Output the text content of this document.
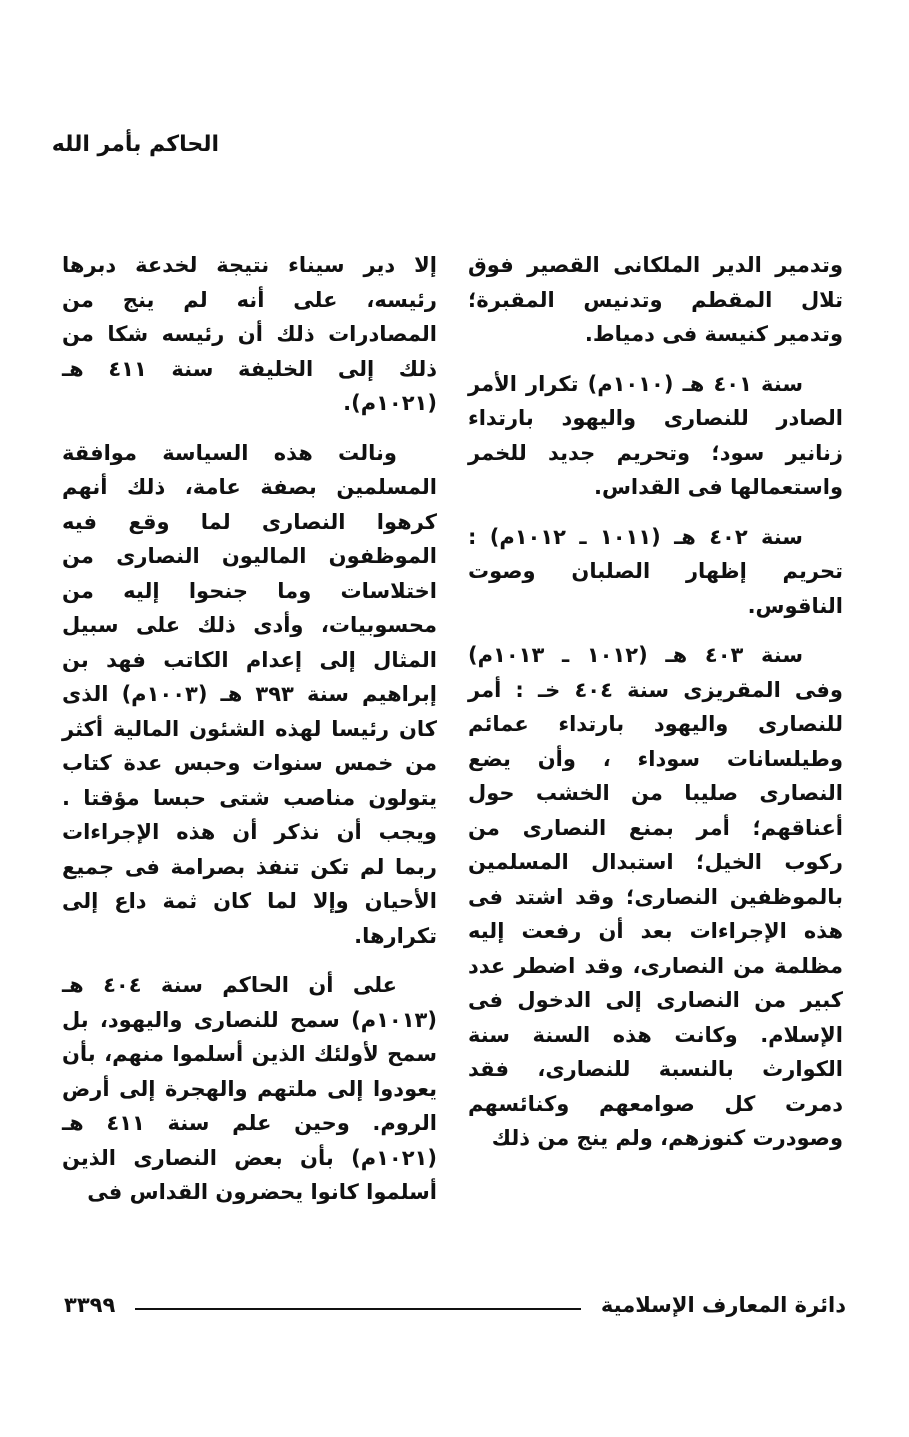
الحاكم بأمر الله

وتدمير الدير الملكانى القصير فوق تلال المقطم وتدنيس المقبرة؛ وتدمير كنيسة فى دمياط.

سنة ٤٠١ هـ (١٠١٠م) تكرار الأمر الصادر للنصارى واليهود بارتداء زنانير سود؛ وتحريم جديد للخمر واستعمالها فى القداس.

سنة ٤٠٢ هـ (١٠١١ ـ ١٠١٢م) : تحريم إظهار الصلبان وصوت الناقوس.

سنة ٤٠٣ هـ (١٠١٢ ـ ١٠١٣م) وفى المقريزى سنة ٤٠٤ خـ : أمر للنصارى واليهود بارتداء عمائم وطيلسانات سوداء ، وأن يضع النصارى صليبا من الخشب حول أعناقهم؛ أمر بمنع النصارى من ركوب الخيل؛ استبدال المسلمين بالموظفين النصارى؛ وقد اشتد فى هذه الإجراءات بعد أن رفعت إليه مظلمة من النصارى، وقد اضطر عدد كبير من النصارى إلى الدخول فى الإسلام. وكانت هذه السنة سنة الكوارث بالنسبة للنصارى، فقد دمرت كل صوامعهم وكنائسهم وصودرت كنوزهم، ولم ينج من ذلك

إلا دير سيناء نتيجة لخدعة دبرها رئيسه، على أنه لم ينج من المصادرات ذلك أن رئيسه شكا من ذلك إلى الخليفة سنة ٤١١ هـ (١٠٢١م).

ونالت هذه السياسة موافقة المسلمين بصفة عامة، ذلك أنهم كرهوا النصارى لما وقع فيه الموظفون الماليون النصارى من اختلاسات وما جنحوا إليه من محسوبيات، وأدى ذلك على سبيل المثال إلى إعدام الكاتب فهد بن إبراهيم سنة ٣٩٣ هـ (١٠٠٣م) الذى كان رئيسا لهذه الشئون المالية أكثر من خمس سنوات وحبس عدة كتاب يتولون مناصب شتى حبسا مؤقتا . ويجب أن نذكر أن هذه الإجراءات ربما لم تكن تنفذ بصرامة فى جميع الأحيان وإلا لما كان ثمة داع إلى تكرارها.

على أن الحاكم سنة ٤٠٤ هـ (١٠١٣م) سمح للنصارى واليهود، بل سمح لأولئك الذين أسلموا منهم، بأن يعودوا إلى ملتهم والهجرة إلى أرض الروم. وحين علم سنة ٤١١ هـ (١٠٢١م) بأن بعض النصارى الذين أسلموا كانوا يحضرون القداس فى

دائرة المعارف الإسلامية
٣٣٩٩
